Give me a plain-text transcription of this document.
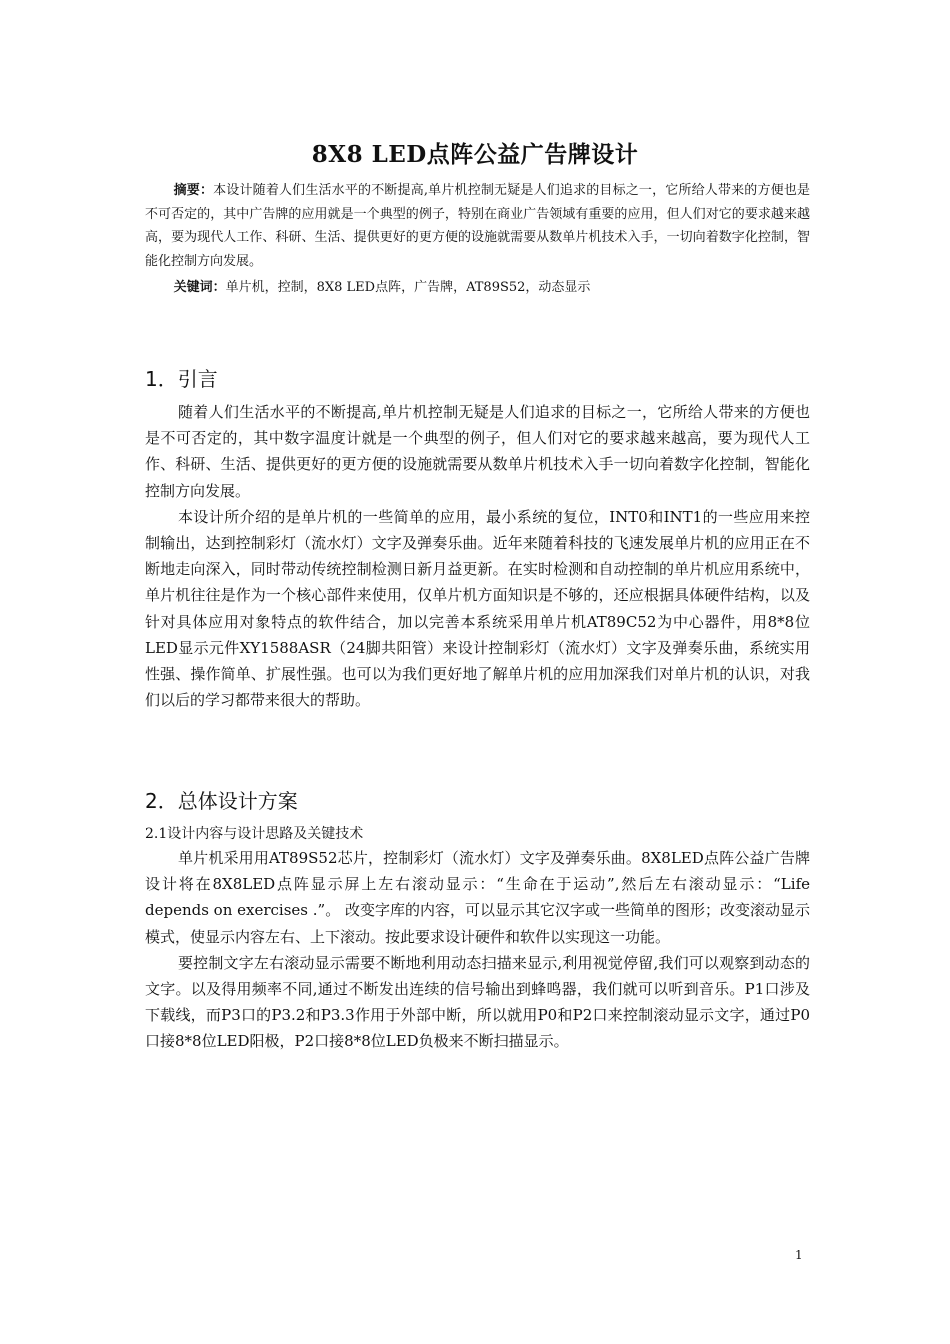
8X8 LED点阵公益广告牌设计

摘要：本设计随着人们生活水平的不断提高,单片机控制无疑是人们追求的目标之一，它所给人带来的方便也是不可否定的，其中广告牌的应用就是一个典型的例子，特别在商业广告领域有重要的应用，但人们对它的要求越来越高，要为现代人工作、科研、生活、提供更好的更方便的设施就需要从数单片机技术入手，一切向着数字化控制，智能化控制方向发展。

关键词：单片机，控制，8X8 LED点阵，广告牌，AT89S52，动态显示
1．引言

随着人们生活水平的不断提高,单片机控制无疑是人们追求的目标之一，它所给人带来的方便也是不可否定的，其中数字温度计就是一个典型的例子，但人们对它的要求越来越高，要为现代人工作、科研、生活、提供更好的更方便的设施就需要从数单片机技术入手一切向着数字化控制，智能化控制方向发展。

本设计所介绍的是单片机的一些简单的应用，最小系统的复位，INT0和INT1的一些应用来控制输出，达到控制彩灯（流水灯）文字及弹奏乐曲。近年来随着科技的飞速发展单片机的应用正在不断地走向深入，同时带动传统控制检测日新月益更新。在实时检测和自动控制的单片机应用系统中，单片机往往是作为一个核心部件来使用，仅单片机方面知识是不够的，还应根据具体硬件结构，以及针对具体应用对象特点的软件结合，加以完善本系统采用单片机AT89C52为中心器件，用8*8位LED显示元件XY1588ASR（24脚共阳管）来设计控制彩灯（流水灯）文字及弹奏乐曲，系统实用性强、操作简单、扩展性强。也可以为我们更好地了解单片机的应用加深我们对单片机的认识，对我们以后的学习都带来很大的帮助。

2．总体设计方案
2.1设计内容与设计思路及关键技术

单片机采用用AT89S52芯片，控制彩灯（流水灯）文字及弹奏乐曲。8X8LED点阵公益广告牌设计将在8X8LED点阵显示屏上左右滚动显示：“生命在于运动”,然后左右滚动显示：“Life depends on exercises .”。 改变字库的内容，可以显示其它汉字或一些简单的图形；改变滚动显示模式，使显示内容左右、上下滚动。按此要求设计硬件和软件以实现这一功能。

要控制文字左右滚动显示需要不断地利用动态扫描来显示,利用视觉停留,我们可以观察到动态的文字。以及得用频率不同,通过不断发出连续的信号输出到蜂鸣器，我们就可以听到音乐。P1口涉及下载线，而P3口的P3.2和P3.3作用于外部中断，所以就用P0和P2口来控制滚动显示文字，通过P0口接8*8位LED阳极，P2口接8*8位LED负极来不断扫描显示。

1
